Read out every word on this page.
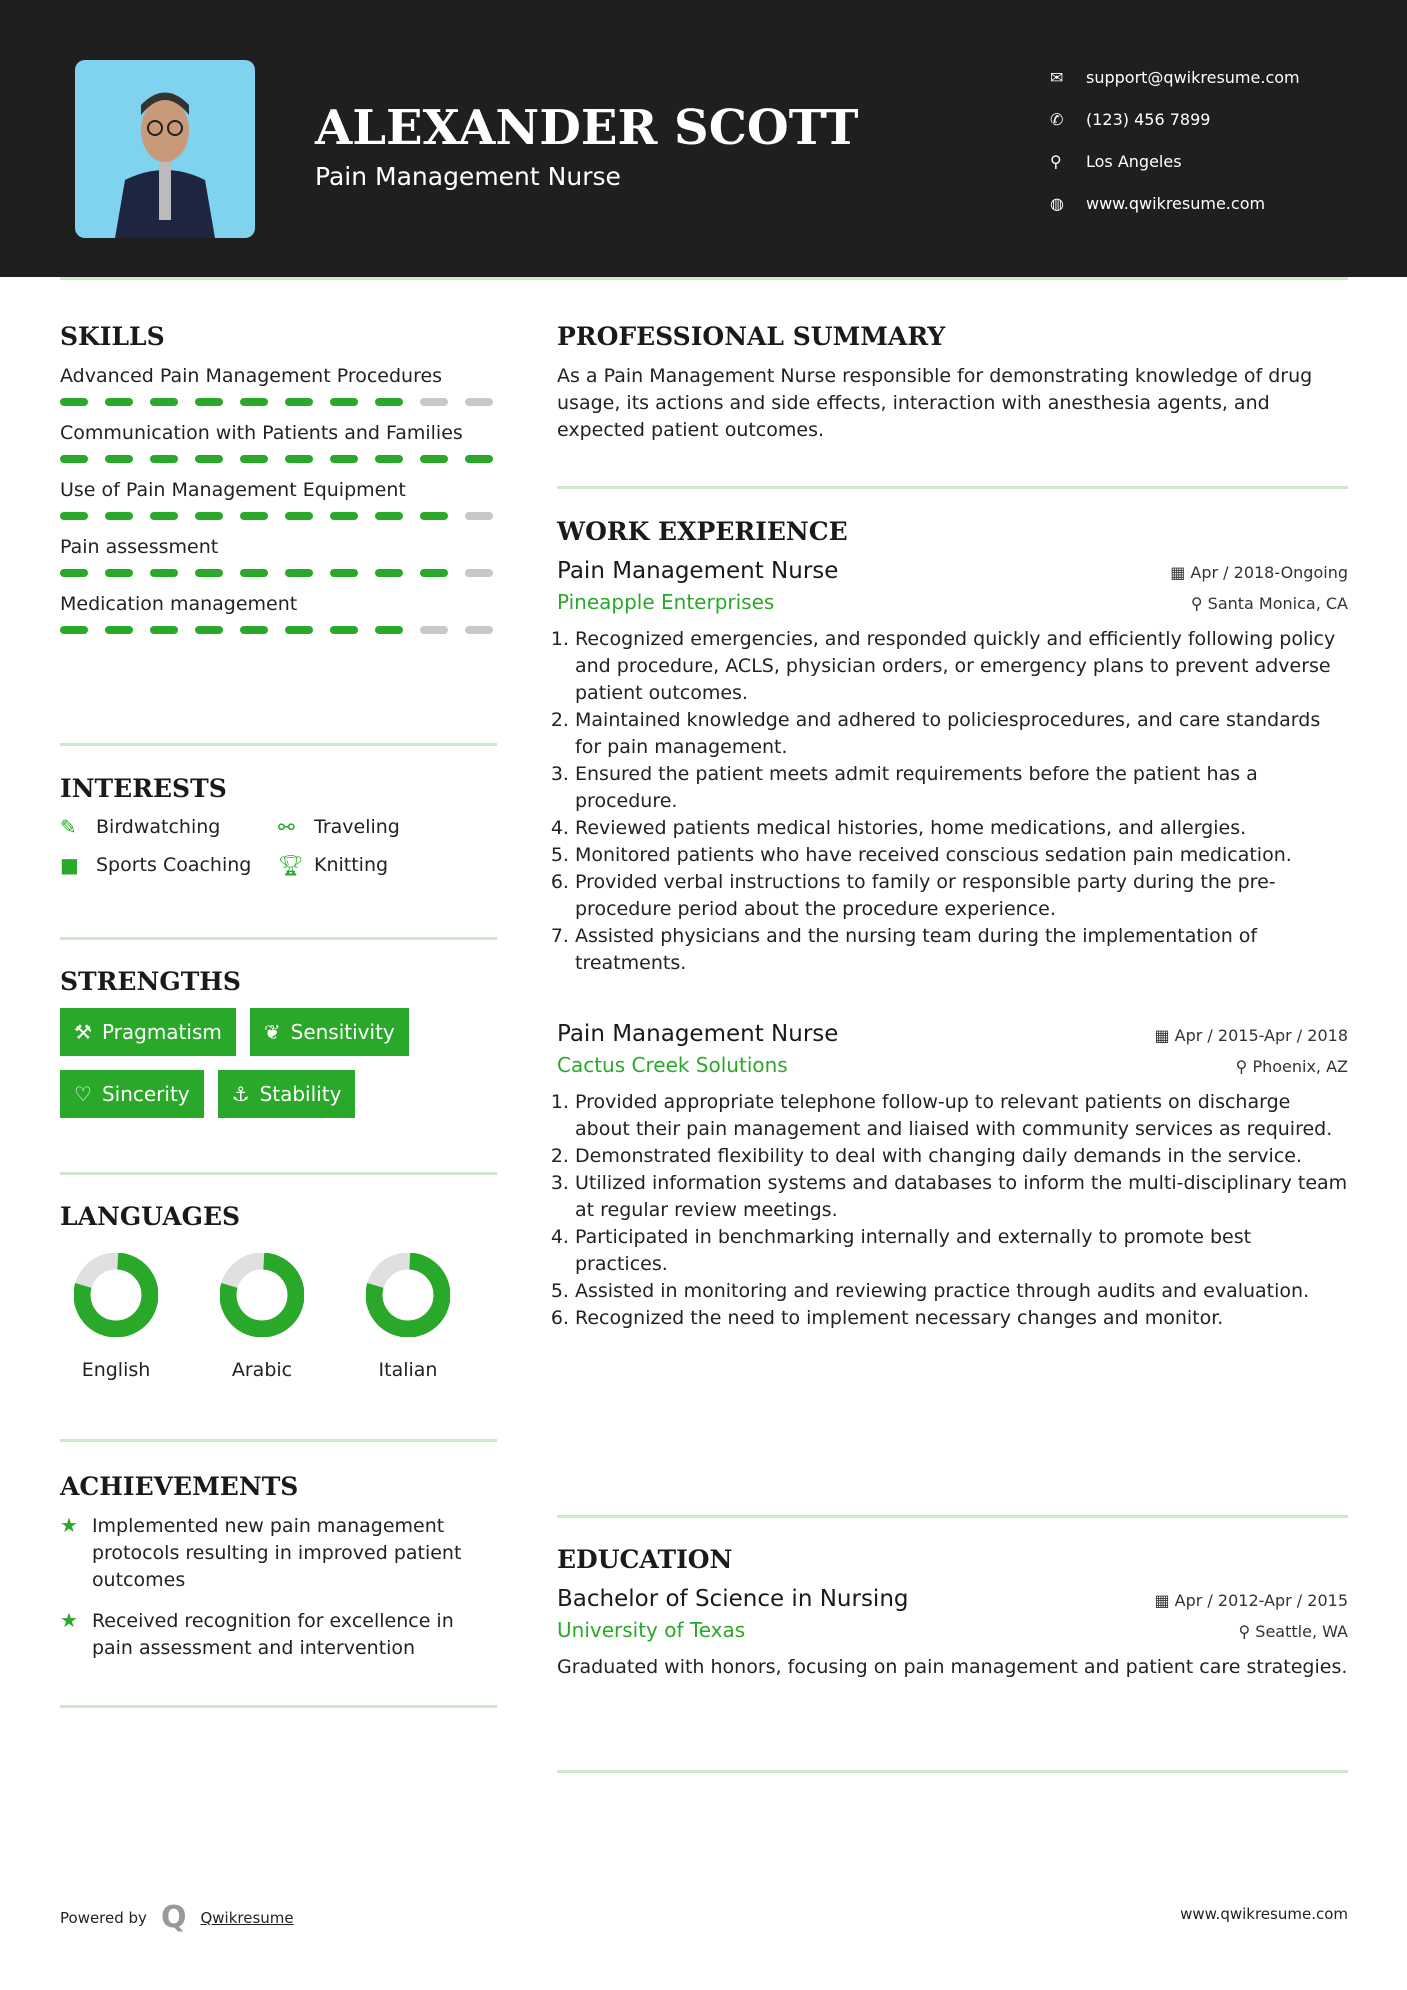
ALEXANDER SCOTT
Pain Management Nurse
✉	support@qwikresume.com
✆	(123) 456 7899
⚲	Los Angeles
◍	www.qwikresume.com
SKILLS
Advanced Pain Management Procedures
Communication with Patients and Families
Use of Pain Management Equipment
Pain assessment
Medication management
INTERESTS
✎	Birdwatching	⚯	Traveling
■ Sports Coaching 🏆︎ Knitting
STRENGTHS
⚒ Pragmatism ❦ Sensitivity
♡ Sincerity ⚓ Stability
LANGUAGES
English	Arabic	Italian
ACHIEVEMENTS
★ Implemented new pain management protocols resulting in improved patient outcomes
★ Received recognition for excellence in pain assessment and intervention
PROFESSIONAL SUMMARY

As a Pain Management Nurse responsible for demonstrating knowledge of drug usage, its actions and side effects, interaction with anesthesia agents, and expected patient outcomes.

WORK EXPERIENCE
Pain Management Nurse	▦ Apr / 2018-Ongoing
Pineapple Enterprises	⚲ Santa Monica, CA
1. Recognized emergencies, and responded quickly and efficiently following policy and procedure, ACLS, physician orders, or emergency plans to prevent adverse patient outcomes.
2. Maintained knowledge and adhered to policiesprocedures, and care standards for pain management.
3. Ensured the patient meets admit requirements before the patient has a procedure.
4. Reviewed patients medical histories, home medications, and allergies.
5. Monitored patients who have received conscious sedation pain medication.
6. Provided verbal instructions to family or responsible party during the pre-procedure period about the procedure experience.
7. Assisted physicians and the nursing team during the implementation of treatments.
Pain Management Nurse	▦ Apr / 2015-Apr / 2018
Cactus Creek Solutions	⚲ Phoenix, AZ
1. Provided appropriate telephone follow-up to relevant patients on discharge about their pain management and liaised with community services as required.
2. Demonstrated flexibility to deal with changing daily demands in the service.
3. Utilized information systems and databases to inform the multi-disciplinary team at regular review meetings.
4. Participated in benchmarking internally and externally to promote best practices.
5. Assisted in monitoring and reviewing practice through audits and evaluation.
6. Recognized the need to implement necessary changes and monitor.
EDUCATION
Bachelor of Science in Nursing	▦ Apr / 2012-Apr / 2015
University of Texas	⚲ Seattle, WA

Graduated with honors, focusing on pain management and patient care strategies.

Powered by Q Qwikresume	www.qwikresume.com
